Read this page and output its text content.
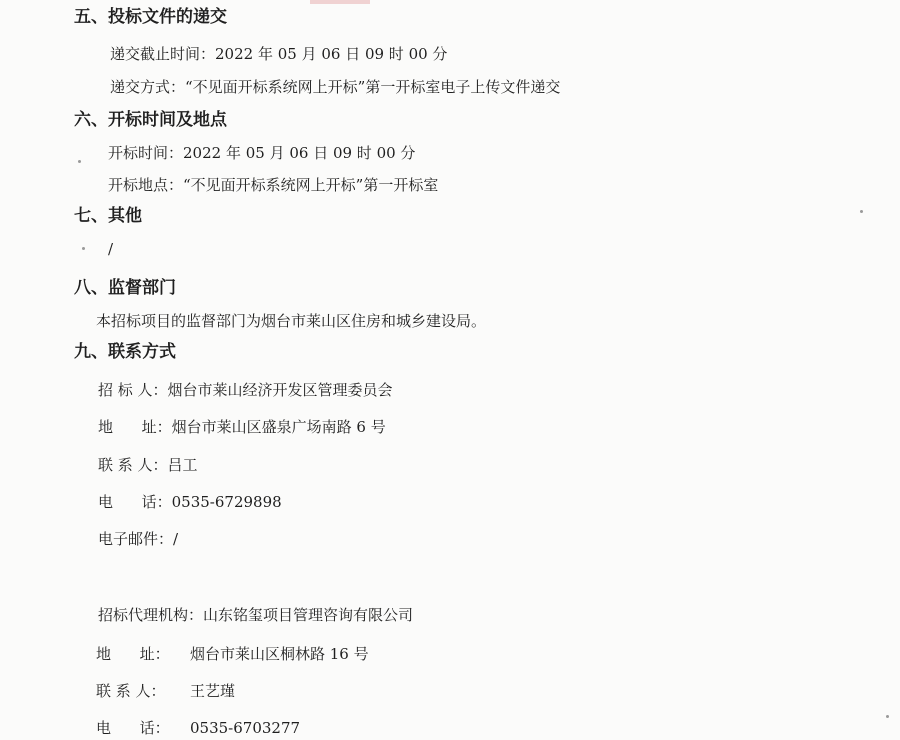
五、投标文件的递交
递交截止时间：2022 年 05 月 06 日 09 时 00 分
递交方式：“不见面开标系统网上开标”第一开标室电子上传文件递交
六、开标时间及地点
开标时间：2022 年 05 月 06 日 09 时 00 分
开标地点：“不见面开标系统网上开标”第一开标室
七、其他
/
八、监督部门
本招标项目的监督部门为烟台市莱山区住房和城乡建设局。
九、联系方式
招 标 人：烟台市莱山经济开发区管理委员会
地      址：烟台市莱山区盛泉广场南路 6 号
联 系 人：吕工
电      话：0535-6729898
电子邮件：/
招标代理机构：山东铭玺项目管理咨询有限公司
地      址： 烟台市莱山区桐林路 16 号
联 系 人： 王艺瑾
电      话： 0535-6703277
